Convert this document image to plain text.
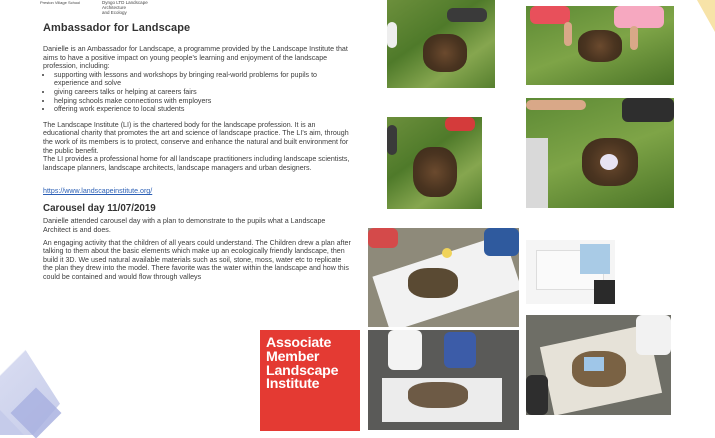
Preston Village School	Dyngo LTD Landscape
Architecture
and Ecology
Ambassador for Landscape

Danielle is an Ambassador for Landscape, a programme provided by the Landscape Institute that aims to have a positive impact on young people's learning and enjoyment of the landscape profession, including:

• supporting with lessons and workshops by bringing real-world problems for pupils to experience and solve
• giving careers talks or helping at careers fairs
• helping schools make connections with employers
• offering work experience to local students

The Landscape Institute (LI) is the chartered body for the landscape profession. It is an educational charity that promotes the art and science of landscape practice. The LI's aim, through the work of its members is to protect, conserve and enhance the natural and built environment for the public benefit.

The LI provides a professional home for all landscape practitioners including landscape scientists, landscape planners, landscape architects, landscape managers and urban designers.

https://www.landscapeinstitute.org/
Carousel day 11/07/2019

Danielle attended carousel day with a plan to demonstrate to the pupils what a Landscape Architect is and does.

An engaging activity that the children of all years could understand. The Children drew a plan after talking to them about the basic elements which make up an ecologically friendly landscape, then build it 3D. We used natural available materials such as soil, stone, moss, water etc to replicate the plan they drew into the model. There favorite was the water within the landscape and how this could be contained and would flow through valleys

Associate
Member
Landscape
Institute
